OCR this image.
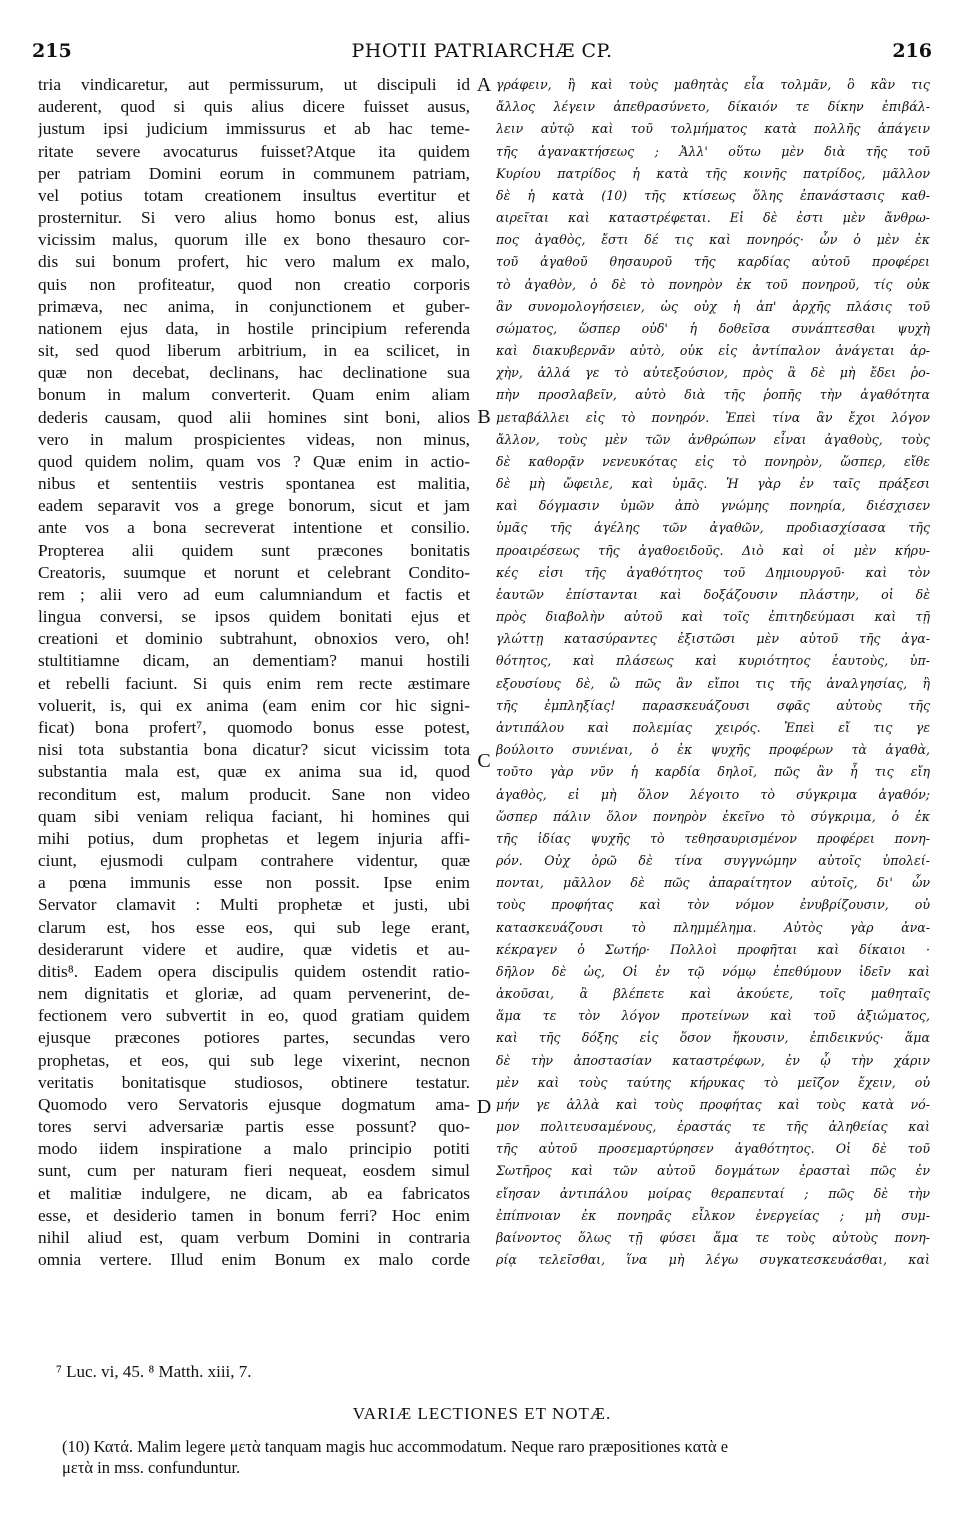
215	PHOTII PATRIARCHÆ CP.	216
tria vindicaretur, aut permissurum, ut discipuli id
auderent, quod si quis alius dicere fuisset ausus,
justum ipsi judicium immissurus et ab hac teme-
ritate severe avocaturus fuisset?Atque ita quidem
per patriam Domini eorum in communem patriam,
vel potius totam creationem insultus evertitur et
prosternitur. Si vero alius homo bonus est, alius
vicissim malus, quorum ille ex bono thesauro cor-
dis sui bonum profert, hic vero malum ex malo,
quis non profiteatur, quod non creatio corporis
primæva, nec anima, in conjunctionem et guber-
nationem ejus data, in hostile principium referenda
sit, sed quod liberum arbitrium, in ea scilicet, in
quæ non decebat, declinans, hac declinatione sua
bonum in malum converterit. Quam enim aliam
dederis causam, quod alii homines sint boni, alios
vero in malum prospicientes videas, non minus,
quod quidem nolim, quam vos ? Quæ enim in actio-
nibus et sententiis vestris spontanea est malitia,
eadem separavit vos a grege bonorum, sicut et jam
ante vos a bona secreverat intentione et consilio.
Propterea alii quidem sunt præcones bonitatis
Creatoris, suumque et norunt et celebrant Condito-
rem ; alii vero ad eum calumniandum et factis et
lingua conversi, se ipsos quidem bonitati ejus et
creationi et dominio subtrahunt, obnoxios vero, oh!
stultitiamne dicam, an dementiam? manui hostili
et rebelli faciunt. Si quis enim rem recte æstimare
voluerit, is, qui ex anima (eam enim cor hic signi-
ficat) bona profert⁷, quomodo bonus esse potest,
nisi tota substantia bona dicatur? sicut vicissim tota
substantia mala est, quæ ex anima sua id, quod
reconditum est, malum producit. Sane non video
quam sibi veniam reliqua faciant, hi homines qui
mihi potius, dum prophetas et legem injuria affi-
ciunt, ejusmodi culpam contrahere videntur, quæ
a pœna immunis esse non possit. Ipse enim
Servator clamavit : Multi prophetæ et justi, ubi
clarum est, hos esse eos, qui sub lege erant,
desiderarunt videre et audire, quæ videtis et au-
ditis⁸. Eadem opera discipulis quidem ostendit ratio-
nem dignitatis et gloriæ, ad quam pervenerint, de-
fectionem vero subvertit in eo, quod gratiam quidem
ejusque præcones potiores partes, secundas vero
prophetas, et eos, qui sub lege vixerint, necnon
veritatis bonitatisque studiosos, obtinere testatur.
Quomodo vero Servatoris ejusque dogmatum ama-
tores servi adversariæ partis esse possunt? quo-
modo iidem inspiratione a malo principio potiti
sunt, cum per naturam fieri nequeat, eosdem simul
et malitiæ indulgere, ne dicam, ab ea fabricatos
esse, et desiderio tamen in bonum ferri? Hoc enim
nihil aliud est, quam verbum Domini in contraria
omnia vertere. Illud enim Bonum ex malo corde
γράφειν, ἢ καὶ τοὺς μαθητὰς εἶα τολμᾶν, ὃ κἂν τις
ἄλλος λέγειν ἀπεθρασύνετο, δίκαιόν τε δίκην ἐπιβάλ-
λειν αὐτῷ καὶ τοῦ τολμήματος κατὰ πολλῆς ἀπάγειν
τῆς ἀγανακτήσεως ; Ἀλλ' οὕτω μὲν διὰ τῆς τοῦ
Κυρίου πατρίδος ἡ κατὰ τῆς κοινῆς πατρίδος, μᾶλλον
δὲ ἡ κατὰ (10) τῆς κτίσεως ὅλης ἐπανάστασις καθ-
αιρεῖται καὶ καταστρέφεται. Εἰ δὲ ἐστι μὲν ἄνθρω-
πος ἀγαθὸς, ἔστι δέ τις καὶ πονηρός· ὧν ὁ μὲν ἐκ
τοῦ ἀγαθοῦ θησαυροῦ τῆς καρδίας αὐτοῦ προφέρει
τὸ ἀγαθὸν, ὁ δὲ τὸ πονηρὸν ἐκ τοῦ πονηροῦ, τίς οὐκ
ἂν συνομολογήσειεν, ὡς οὐχ ἡ ἀπ' ἀρχῆς πλάσις τοῦ
σώματος, ὥσπερ οὐδ' ἡ δοθεῖσα συνάπτεσθαι ψυχὴ
καὶ διακυβερνᾶν αὐτὸ, οὐκ εἰς ἀντίπαλον ἀνάγεται ἀρ-
χὴν, ἀλλά γε τὸ αὐτεξούσιον, πρὸς ἃ δὲ μὴ ἔδει ῥο-
πὴν προσλαβεῖν, αὐτὸ διὰ τῆς ῥοπῆς τὴν ἀγαθότητα
μεταβάλλει εἰς τὸ πονηρόν. Ἐπεὶ τίνα ἂν ἔχοι λόγον
ἄλλον, τοὺς μὲν τῶν ἀνθρώπων εἶναι ἀγαθοὺς, τοὺς
δὲ καθορᾷν νενευκότας εἰς τὸ πονηρὸν, ὥσπερ, εἴθε
δὲ μὴ ὤφειλε, καὶ ὑμᾶς. Ἡ γὰρ ἐν ταῖς πράξεσι
καὶ δόγμασιν ὑμῶν ἀπὸ γνώμης πονηρία, διέσχισεν
ὑμᾶς τῆς ἀγέλης τῶν ἀγαθῶν, προδιασχίσασα τῆς
προαιρέσεως τῆς ἀγαθοειδοῦς. Διὸ καὶ οἱ μὲν κήρυ-
κές εἰσι τῆς ἀγαθότητος τοῦ Δημιουργοῦ· καὶ τὸν
ἑαυτῶν ἐπίστανται καὶ δοξάζουσιν πλάστην, οἱ δὲ
πρὸς διαβολὴν αὐτοῦ καὶ τοῖς ἐπιτηδεύμασι καὶ τῇ
γλώττῃ κατασύραντες ἐξιστῶσι μὲν αὐτοῦ τῆς ἀγα-
θότητος, καὶ πλάσεως καὶ κυριότητος ἑαυτοὺς, ὑπ-
εξουσίους δὲ, ὢ πῶς ἂν εἴποι τις τῆς ἀναλγησίας, ἢ
τῆς ἐμπληξίας! παρασκευάζουσι σφᾶς αὐτοὺς τῆς
ἀντιπάλου καὶ πολεμίας χειρός. Ἐπεὶ εἴ τις γε
βούλοιτο συνιέναι, ὁ ἐκ ψυχῆς προφέρων τὰ ἀγαθὰ,
τοῦτο γὰρ νῦν ἡ καρδία δηλοῖ, πῶς ἂν ἦ τις εἴη
ἀγαθὸς, εἰ μὴ ὅλον λέγοιτο τὸ σύγκριμα ἀγαθόν;
ὥσπερ πάλιν ὅλον πονηρὸν ἐκεῖνο τὸ σύγκριμα, ὁ ἐκ
τῆς ἰδίας ψυχῆς τὸ τεθησαυρισμένον προφέρει πονη-
ρόν. Οὐχ ὁρῶ δὲ τίνα συγγνώμην αὐτοῖς ὑπολεί-
πονται, μᾶλλον δὲ πῶς ἀπαραίτητον αὐτοῖς, δι' ὧν
τοὺς προφήτας καὶ τὸν νόμον ἐνυβρίζουσιν, οὐ
κατασκευάζουσι τὸ πλημμέλημα. Αὐτὸς γὰρ ἀνα-
κέκραγεν ὁ Σωτήρ· Πολλοὶ προφῆται καὶ δίκαιοι ·
δῆλον δὲ ὡς, Οἱ ἐν τῷ νόμῳ ἐπεθύμουν ἰδεῖν καὶ
ἀκοῦσαι, ἃ βλέπετε καὶ ἀκούετε, τοῖς μαθηταῖς
ἅμα τε τὸν λόγον προτείνων καὶ τοῦ ἀξιώματος,
καὶ τῆς δόξης εἰς ὅσον ἥκουσιν, ἐπιδεικνύς· ἅμα
δὲ τὴν ἀποστασίαν καταστρέφων, ἐν ᾧ τὴν χάριν
μὲν καὶ τοὺς ταύτης κήρυκας τὸ μεῖζον ἔχειν, οὐ
μήν γε ἀλλὰ καὶ τοὺς προφήτας καὶ τοὺς κατὰ νό-
μον πολιτευσαμένους, ἐραστάς τε τῆς ἀληθείας καὶ
τῆς αὐτοῦ προσεμαρτύρησεν ἀγαθότητος. Οἱ δὲ τοῦ
Σωτῆρος καὶ τῶν αὐτοῦ δογμάτων ἐρασταὶ πῶς ἐν
εἴησαν ἀντιπάλου μοίρας θεραπευταί ; πῶς δὲ τὴν
ἐπίπνοιαν ἐκ πονηρᾶς εἶλκον ἐνεργείας ; μὴ συμ-
βαίνοντος ὅλως τῇ φύσει ἅμα τε τοὺς αὐτοὺς πονη-
ρίᾳ τελεῖσθαι, ἵνα μὴ λέγω συγκατεσκευάσθαι, καὶ
A
B
C
D
⁷ Luc. vi, 45. ⁸ Matth. xiii, 7.
VARIÆ LECTIONES ET NOTÆ.
(10) Κατά. Malim legere μετὰ tanquam magis huc accommodatum. Neque raro præpositiones κατὰ e
μετὰ in mss. confunduntur.
